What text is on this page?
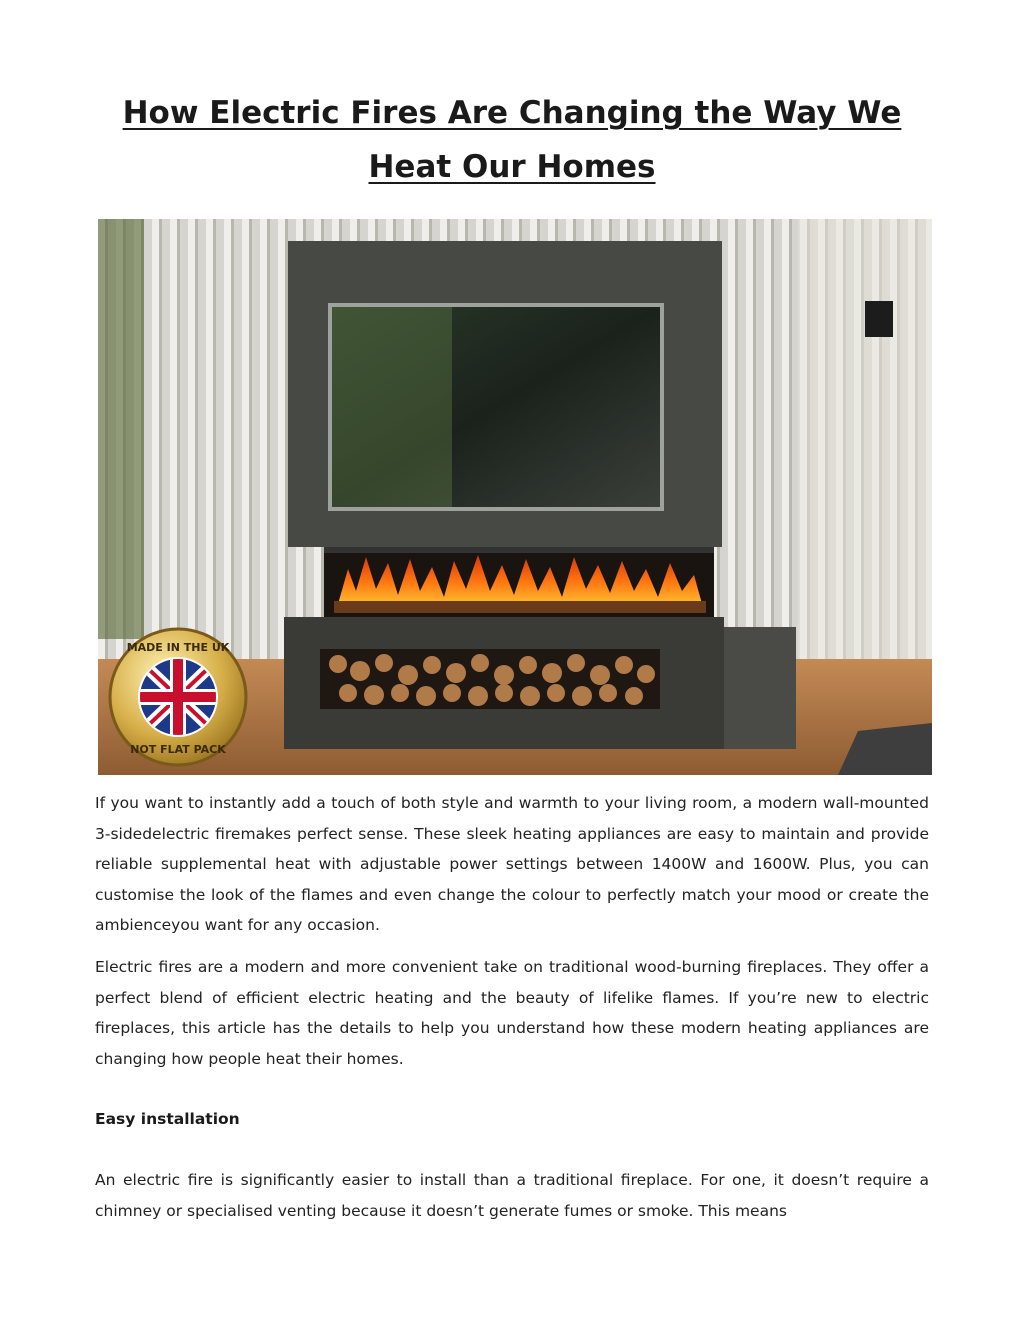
How Electric Fires Are Changing the Way We
Heat Our Homes
MADE IN THE UK
NOT FLAT PACK

If you want to instantly add a touch of both style and warmth to your living room, a modern wall-mounted 3-sidedelectric firemakes perfect sense. These sleek heating appliances are easy to maintain and provide reliable supplemental heat with adjustable power settings between 1400W and 1600W. Plus, you can customise the look of the flames and even change the colour to perfectly match your mood or create the ambienceyou want for any occasion.

Electric fires are a modern and more convenient take on traditional wood-burning fireplaces. They offer a perfect blend of efficient electric heating and the beauty of lifelike flames. If you’re new to electric fireplaces, this article has the details to help you understand how these modern heating appliances are changing how people heat their homes.

Easy installation

An electric fire is significantly easier to install than a traditional fireplace. For one, it doesn’t require a chimney or specialised venting because it doesn’t generate fumes or smoke. This means
